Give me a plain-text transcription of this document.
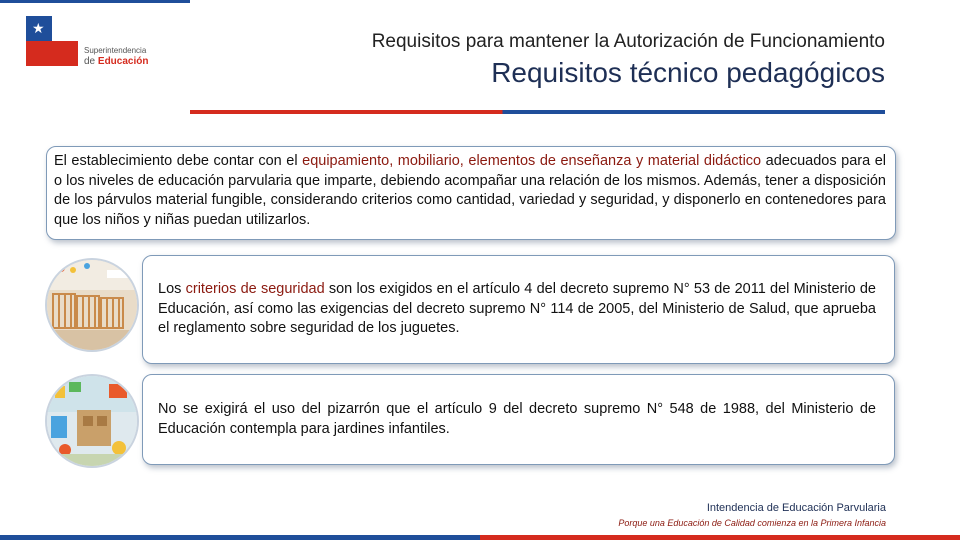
★ Gobierno de Chile
Superintendencia
de Educación
Requisitos para mantener la Autorización de Funcionamiento
Requisitos técnico pedagógicos
El establecimiento debe contar con el equipamiento, mobiliario, elementos de enseñanza y material didáctico adecuados para el o los niveles de educación parvularia que imparte, debiendo acompañar una relación de los mismos. Además, tener a disposición de los párvulos material fungible, considerando criterios como cantidad, variedad y seguridad, y disponerlo en contenedores para que los niños y niñas puedan utilizarlos.
Los criterios de seguridad son los exigidos en el artículo 4 del decreto supremo N° 53 de 2011 del Ministerio de Educación, así como las exigencias del decreto supremo N° 114 de 2005, del Ministerio de Salud, que aprueba el reglamento sobre seguridad de los juguetes.
No se exigirá el uso del pizarrón que el artículo 9 del decreto supremo N° 548 de 1988, del Ministerio de Educación contempla para jardines infantiles.
Intendencia de Educación Parvularia
Porque una Educación de Calidad comienza en la Primera Infancia
